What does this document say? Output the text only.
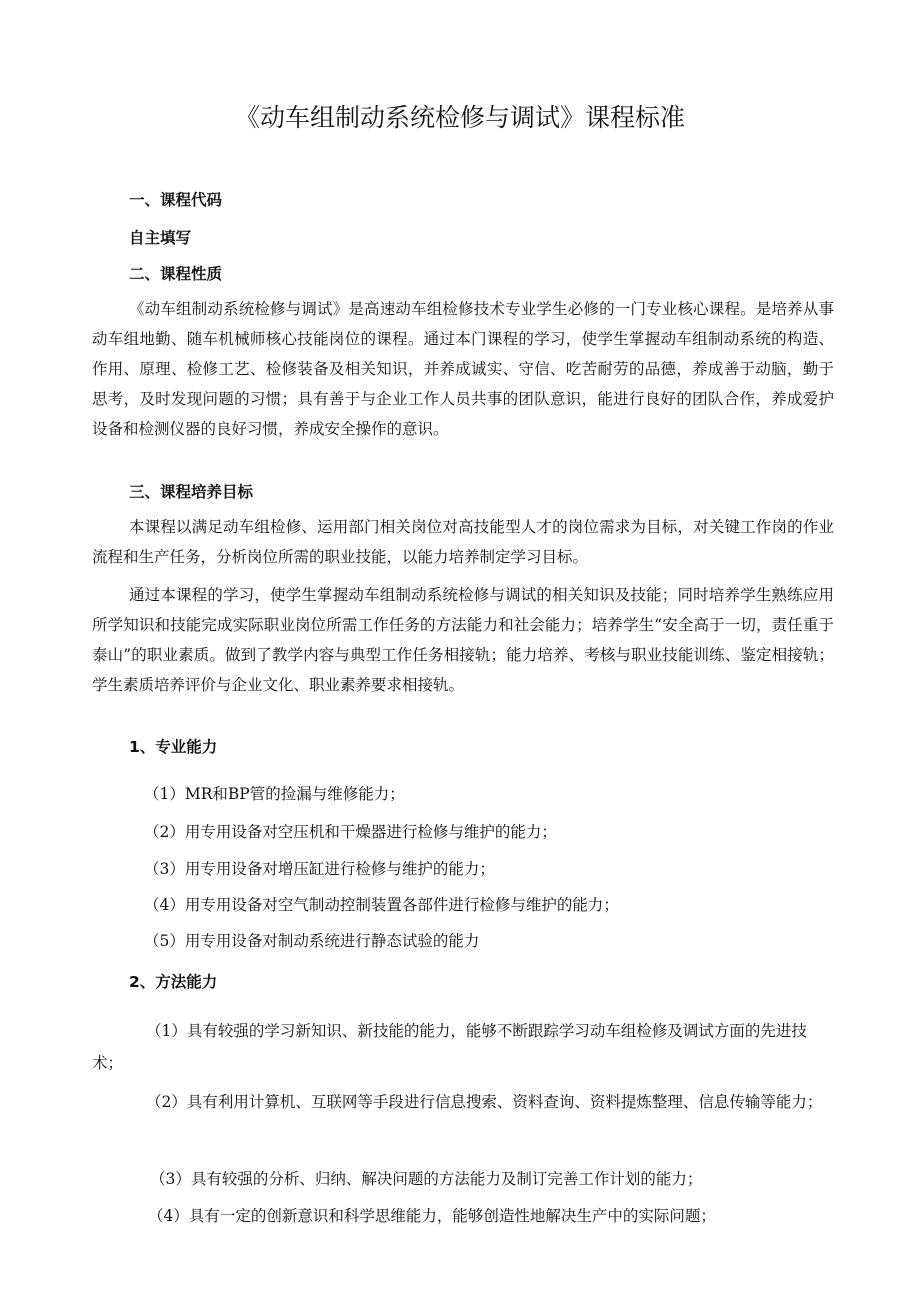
《动车组制动系统检修与调试》课程标准
一、课程代码
自主填写
二、课程性质

《动车组制动系统检修与调试》是高速动车组检修技术专业学生必修的一门专业核心课程。是培养从事动车组地勤、随车机械师核心技能岗位的课程。通过本门课程的学习，使学生掌握动车组制动系统的构造、作用、原理、检修工艺、检修装备及相关知识，并养成诚实、守信、吃苦耐劳的品德，养成善于动脑，勤于思考，及时发现问题的习惯；具有善于与企业工作人员共事的团队意识，能进行良好的团队合作，养成爱护设备和检测仪器的良好习惯，养成安全操作的意识。

三、课程培养目标

本课程以满足动车组检修、运用部门相关岗位对高技能型人才的岗位需求为目标，对关键工作岗的作业流程和生产任务，分析岗位所需的职业技能，以能力培养制定学习目标。

通过本课程的学习，使学生掌握动车组制动系统检修与调试的相关知识及技能；同时培养学生熟练应用所学知识和技能完成实际职业岗位所需工作任务的方法能力和社会能力；培养学生“安全高于一切，责任重于泰山”的职业素质。做到了教学内容与典型工作任务相接轨；能力培养、考核与职业技能训练、鉴定相接轨；学生素质培养评价与企业文化、职业素养要求相接轨。

1、专业能力
（1）MR和BP管的捡漏与维修能力；
（2）用专用设备对空压机和干燥器进行检修与维护的能力；
（3）用专用设备对增压缸进行检修与维护的能力；
（4）用专用设备对空气制动控制装置各部件进行检修与维护的能力；
（5）用专用设备对制动系统进行静态试验的能力
2、方法能力

（1）具有较强的学习新知识、新技能的能力，能够不断跟踪学习动车组检修及调试方面的先进技术；

（2）具有利用计算机、互联网等手段进行信息搜索、资料查询、资料提炼整理、信息传输等能力；

（3）具有较强的分析、归纳、解决问题的方法能力及制订完善工作计划的能力；
（4）具有一定的创新意识和科学思维能力，能够创造性地解决生产中的实际问题；
